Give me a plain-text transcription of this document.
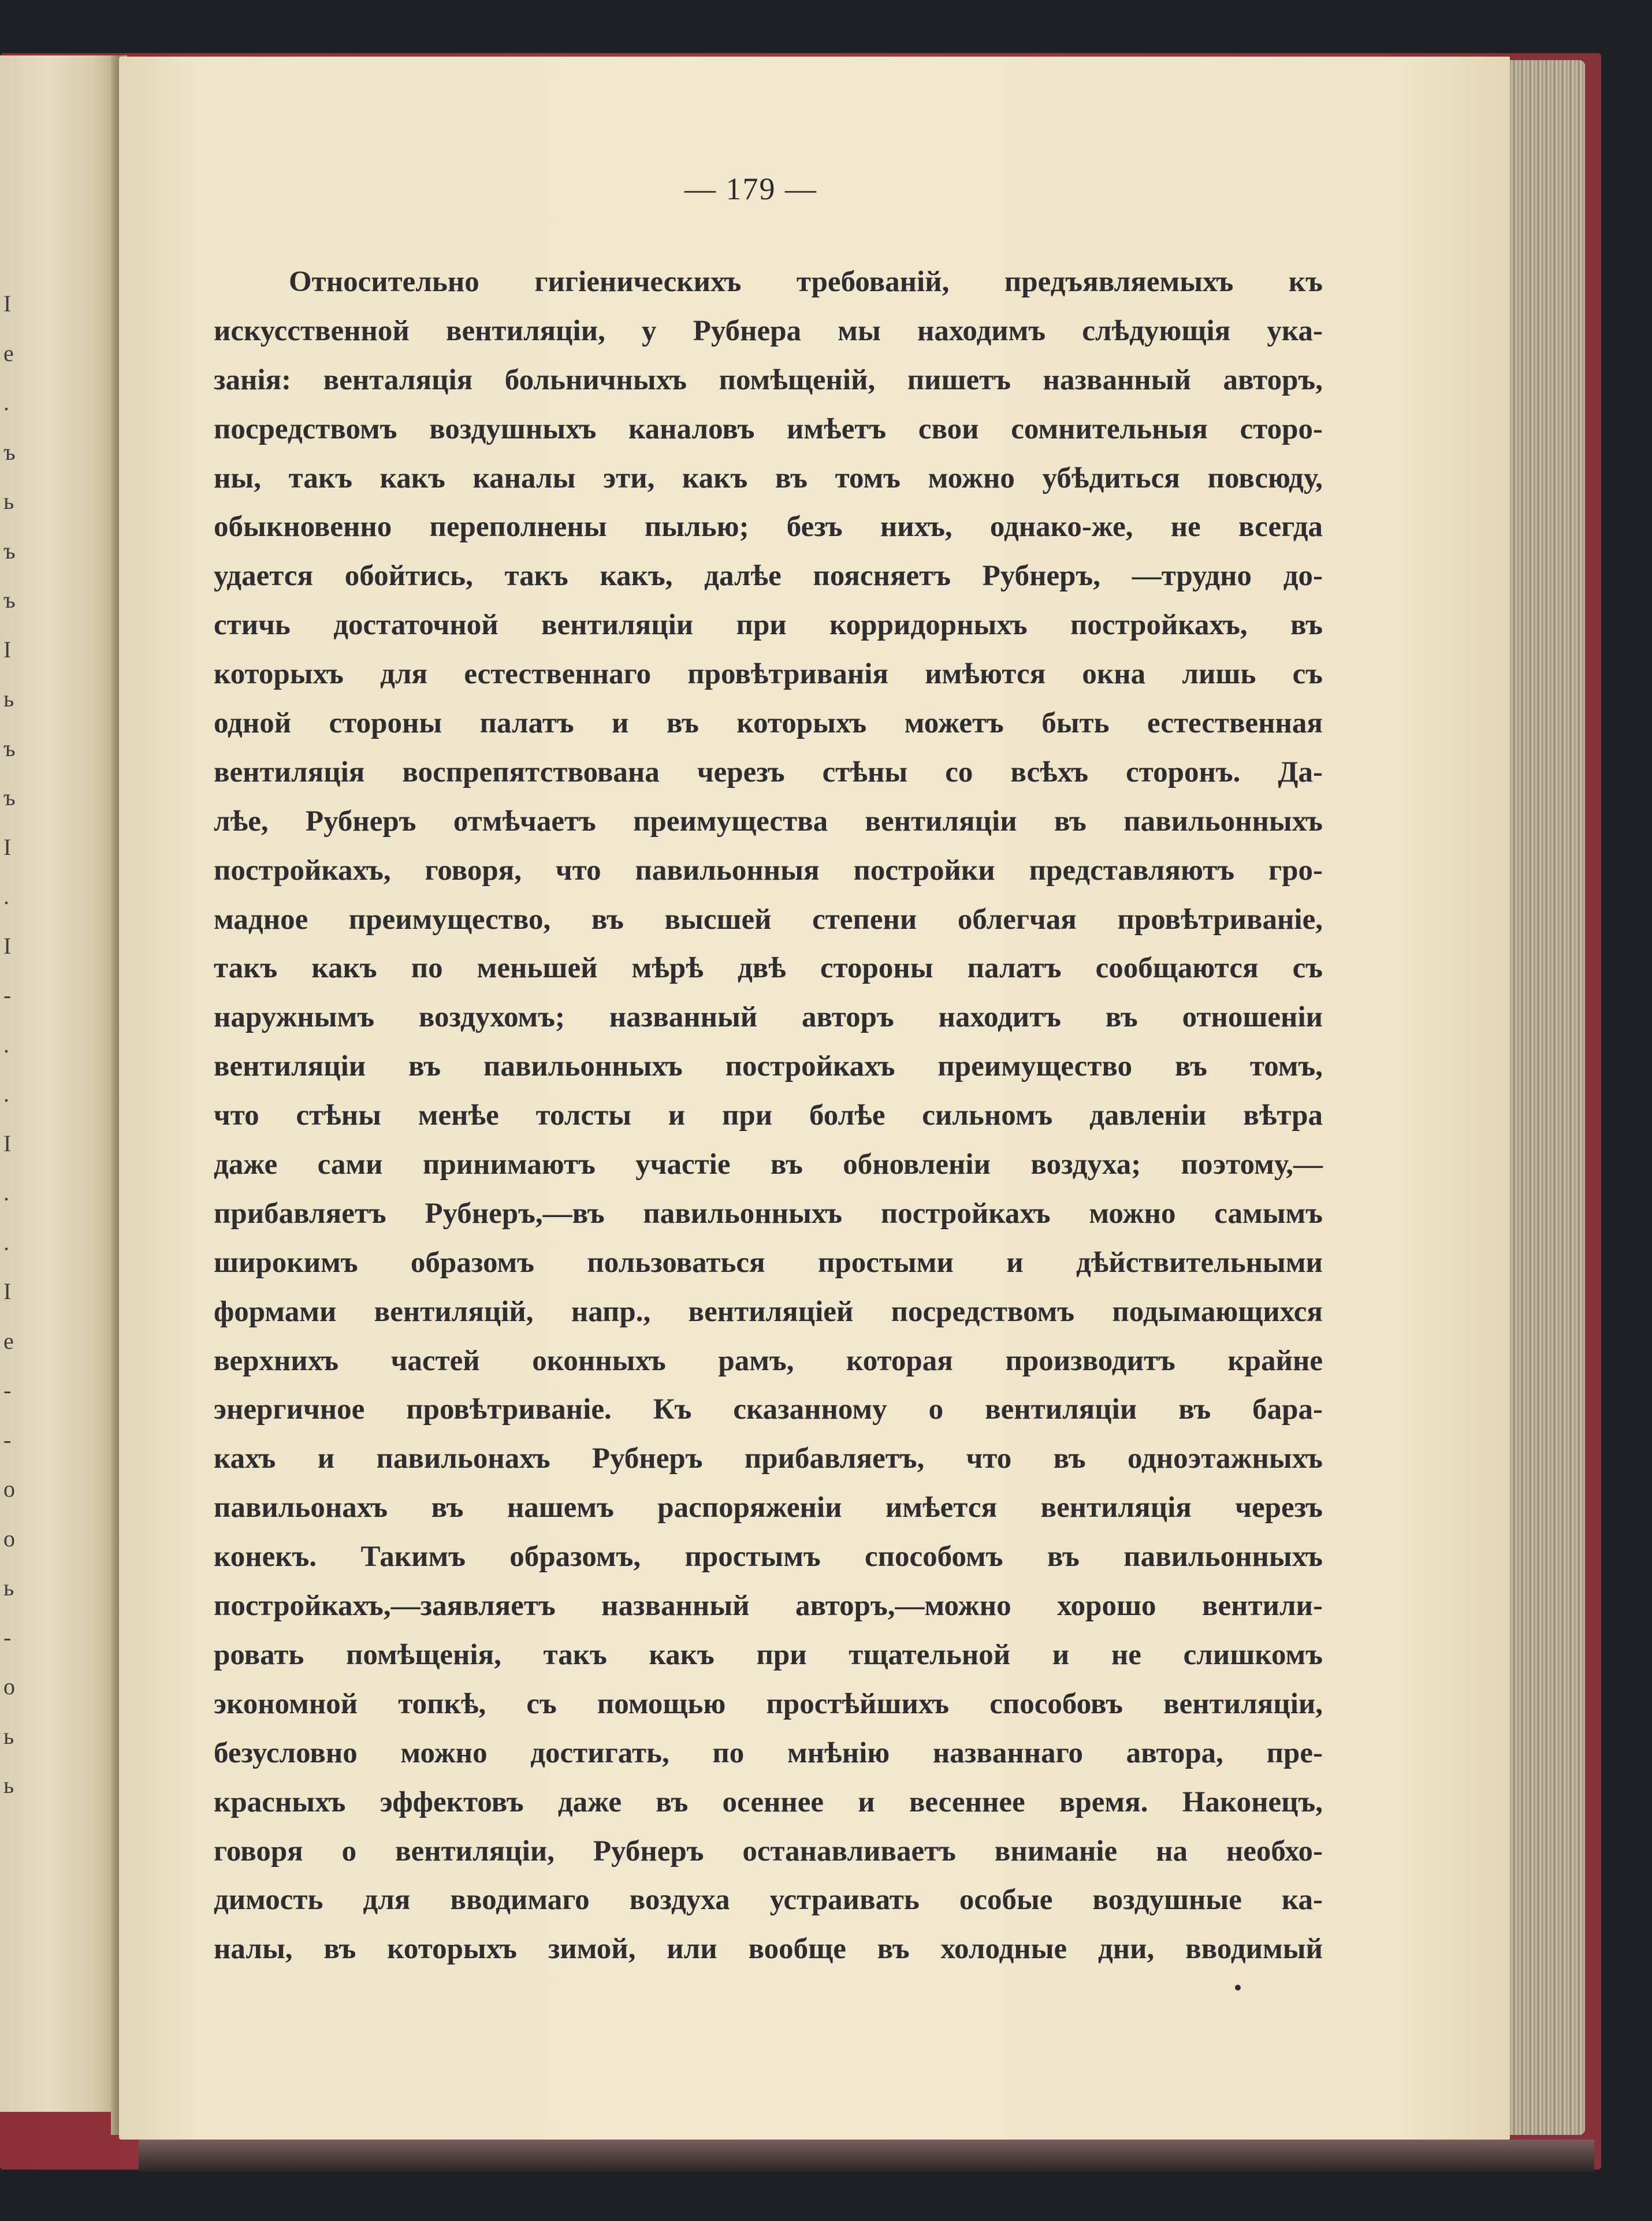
I
e
.
ъ
ь
ъ
ъ
I
ь
ъ
ъ
I
.
I
-
.
.
I
.
.
I
e
-
-
о
о
ь
-
о
ь
ь
— 179 —
Относительно гигіеническихъ требованій, предъявляемыхъ къ
искусственной вентиляціи, у Рубнера мы находимъ слѣдующія ука-
занія: венталяція больничныхъ помѣщеній, пишетъ названный авторъ,
посредствомъ воздушныхъ каналовъ имѣетъ свои сомнительныя сторо-
ны, такъ какъ каналы эти, какъ въ томъ можно убѣдиться повсюду,
обыкновенно переполнены пылью; безъ нихъ, однако-же, не всегда
удается обойтись, такъ какъ, далѣе поясняетъ Рубнеръ, —трудно до-
стичь достаточной вентиляціи при корридорныхъ постройкахъ, въ
которыхъ для естественнаго провѣтриванія имѣются окна лишь съ
одной стороны палатъ и въ которыхъ можетъ быть естественная
вентиляція воспрепятствована черезъ стѣны со всѣхъ сторонъ. Да-
лѣе, Рубнеръ отмѣчаетъ преимущества вентиляціи въ павильонныхъ
постройкахъ, говоря, что павильонныя постройки представляютъ гро-
мадное преимущество, въ высшей степени облегчая провѣтриваніе,
такъ какъ по меньшей мѣрѣ двѣ стороны палатъ сообщаются съ
наружнымъ воздухомъ; названный авторъ находитъ въ отношеніи
вентиляціи въ павильонныхъ постройкахъ преимущество въ томъ,
что стѣны менѣе толсты и при болѣе сильномъ давленіи вѣтра
даже сами принимаютъ участіе въ обновленіи воздуха; поэтому,—
прибавляетъ Рубнеръ,—въ павильонныхъ постройкахъ можно самымъ
широкимъ образомъ пользоваться простыми и дѣйствительными
формами вентиляцій, напр., вентиляціей посредствомъ подымающихся
верхнихъ частей оконныхъ рамъ, которая производитъ крайне
энергичное провѣтриваніе. Къ сказанному о вентиляціи въ бара-
кахъ и павильонахъ Рубнеръ прибавляетъ, что въ одноэтажныхъ
павильонахъ въ нашемъ распоряженіи имѣется вентиляція черезъ
конекъ. Такимъ образомъ, простымъ способомъ въ павильонныхъ
постройкахъ,—заявляетъ названный авторъ,—можно хорошо вентили-
ровать помѣщенія, такъ какъ при тщательной и не слишкомъ
экономной топкѣ, съ помощью простѣйшихъ способовъ вентиляціи,
безусловно можно достигать, по мнѣнію названнаго автора, пре-
красныхъ эффектовъ даже въ осеннее и весеннее время. Наконецъ,
говоря о вентиляціи, Рубнеръ останавливаетъ вниманіе на необхо-
димость для вводимаго воздуха устраивать особые воздушные ка-
налы, въ которыхъ зимой, или вообще въ холодные дни, вводимый
